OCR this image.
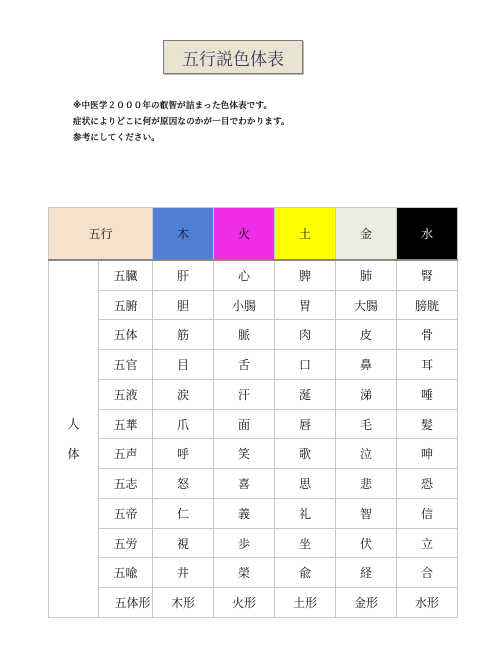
五行説色体表
※中医学２０００年の叡智が詰まった色体表です。
症状によりどこに何が原因なのかが一目でわかります。
参考にしてください。
五行		木	火	土	金	水

人
体	五臓	肝	心	脾	肺	腎
	五腑	胆	小腸	胃	大腸	膀胱
	五体	筋	脈	肉	皮	骨
	五官	目	舌	口	鼻	耳
	五液	涙	汗	涎	涕	唾
	五華	爪	面	唇	毛	髪
	五声	呼	笑	歌	泣	呻
	五志	怒	喜	思	悲	恐
	五帝	仁	義	礼	智	信
	五労	視	歩	坐	伏	立
	五喩	井	榮	兪	経	合
	五体形	木形	火形	土形	金形	水形
